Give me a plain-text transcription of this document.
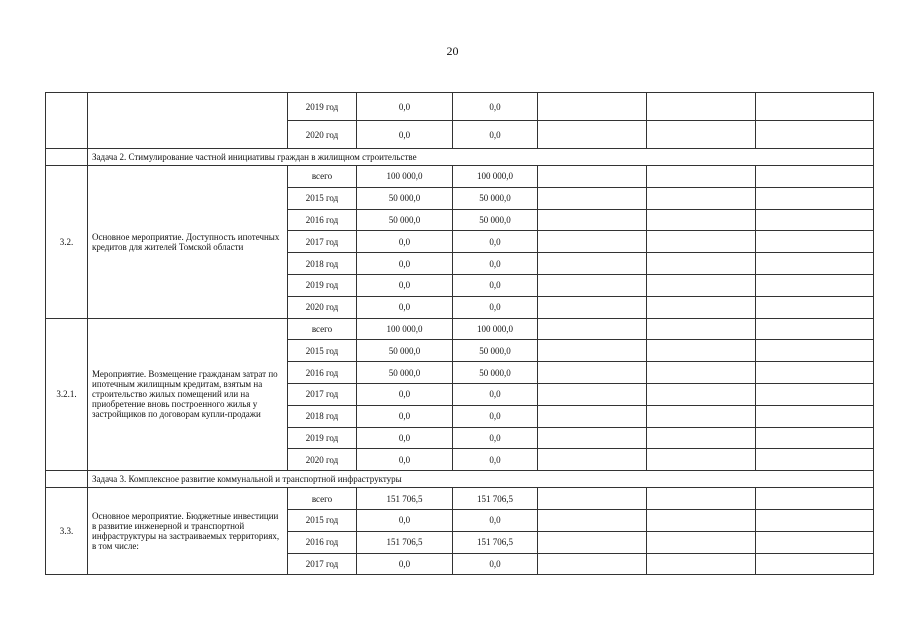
20
		2019 год	0,0	0,0			
		2020 год	0,0	0,0			
	Задача 2. Стимулирование частной инициативы граждан в жилищном строительстве						
3.2.	Основное мероприятие. Доступность ипотечных кредитов для жителей Томской области	всего	100 000,0	100 000,0			
		2015 год	50 000,0	50 000,0			
		2016 год	50 000,0	50 000,0			
		2017 год	0,0	0,0			
		2018 год	0,0	0,0			
		2019 год	0,0	0,0			
		2020 год	0,0	0,0			
3.2.1.	Мероприятие. Возмещение гражданам затрат по ипотечным жилищным кредитам, взятым на строительство жилых помещений или на приобретение вновь построенного жилья у застройщиков по договорам купли-продажи	всего	100 000,0	100 000,0			
		2015 год	50 000,0	50 000,0			
		2016 год	50 000,0	50 000,0			
		2017 год	0,0	0,0			
		2018 год	0,0	0,0			
		2019 год	0,0	0,0			
		2020 год	0,0	0,0			
	Задача 3. Комплексное развитие коммунальной и транспортной инфраструктуры						
3.3.	Основное мероприятие. Бюджетные инвестиции в развитие инженерной и транспортной инфраструктуры на застраиваемых территориях, в том числе:	всего	151 706,5	151 706,5			
		2015 год	0,0	0,0			
		2016 год	151 706,5	151 706,5			
		2017 год	0,0	0,0			
